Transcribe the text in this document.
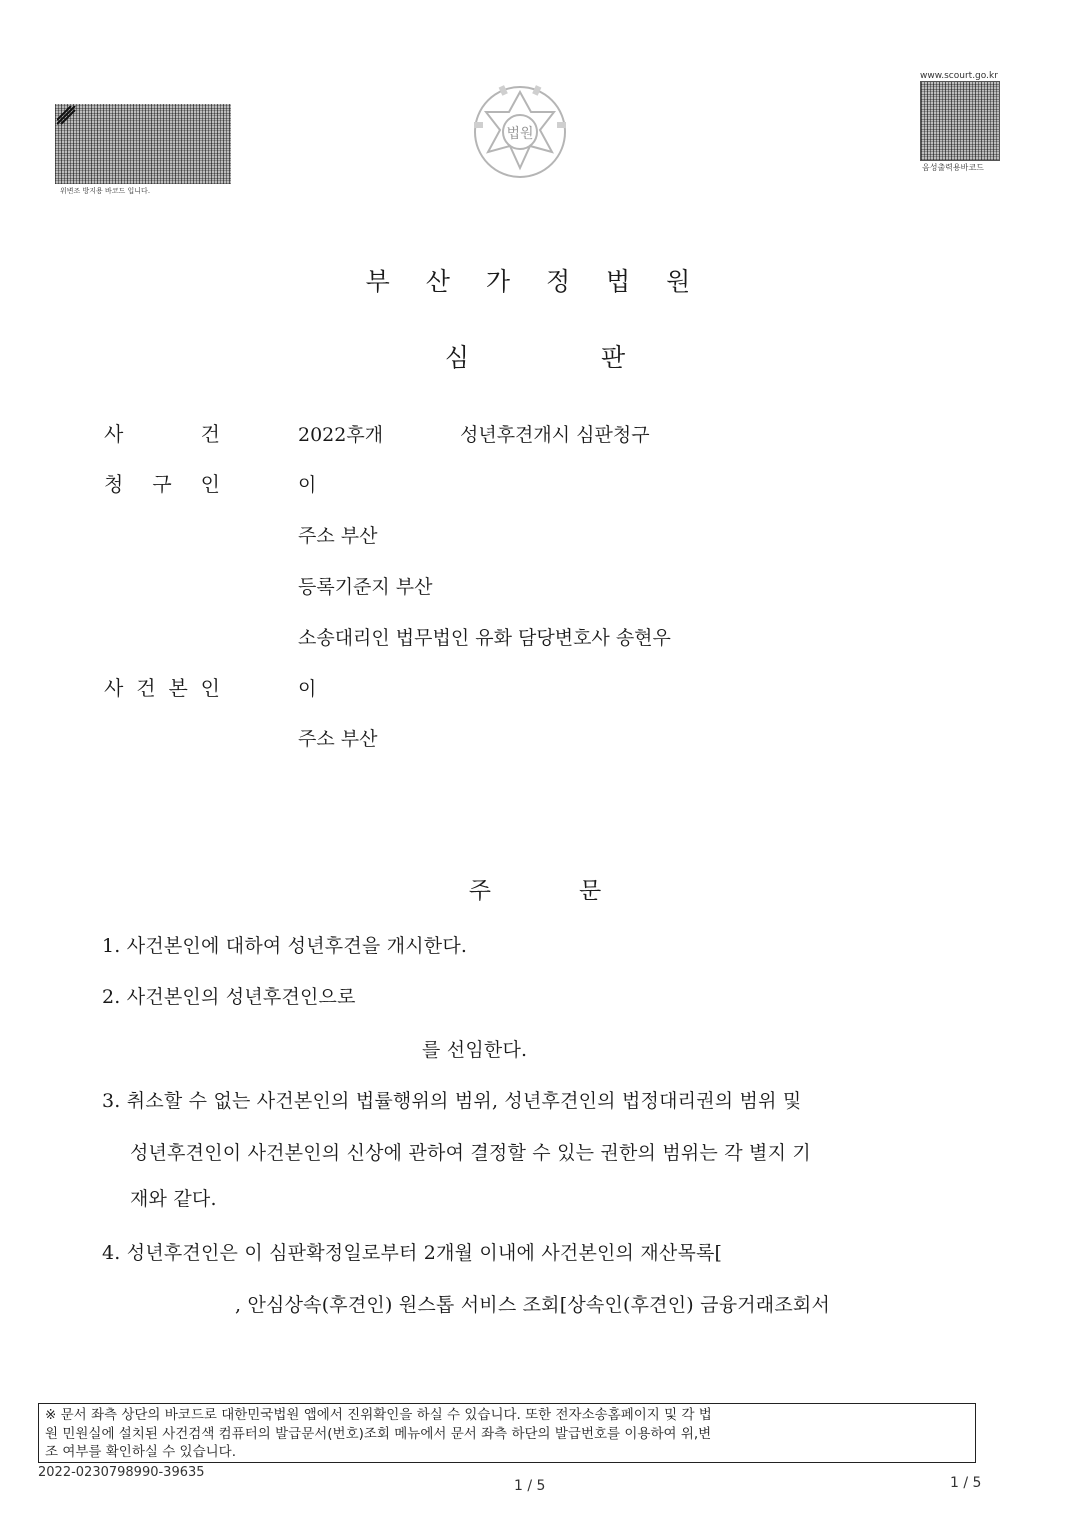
위변조 방지용 바코드 입니다.
법원
www.scourt.go.kr
음성출력용바코드
부 산 가 정 법 원
심	판
사	건	2022후개	성년후견개시 심판청구
청 구 인	이
주소 부산
등록기준지 부산
소송대리인 법무법인 유화 담당변호사 송현우
사 건 본 인	이
주소 부산
주	문
1. 사건본인에 대하여 성년후견을 개시한다.
2. 사건본인의 성년후견인으로
를 선임한다.
3. 취소할 수 없는 사건본인의 법률행위의 범위, 성년후견인의 법정대리권의 범위 및
성년후견인이 사건본인의 신상에 관하여 결정할 수 있는 권한의 범위는 각 별지 기
재와 같다.
4. 성년후견인은 이 심판확정일로부터 2개월 이내에 사건본인의 재산목록[
, 안심상속(후견인) 원스톱 서비스 조회[상속인(후견인) 금융거래조회서
※ 문서 좌측 상단의 바코드로 대한민국법원 앱에서 진위확인을 하실 수 있습니다. 또한 전자소송홈페이지 및 각 법
원 민원실에 설치된 사건검색 컴퓨터의 발급문서(번호)조회 메뉴에서 문서 좌측 하단의 발급번호를 이용하여 위,변
조 여부를 확인하실 수 있습니다.
2022-0230798990-39635
1 / 5	1 / 5
